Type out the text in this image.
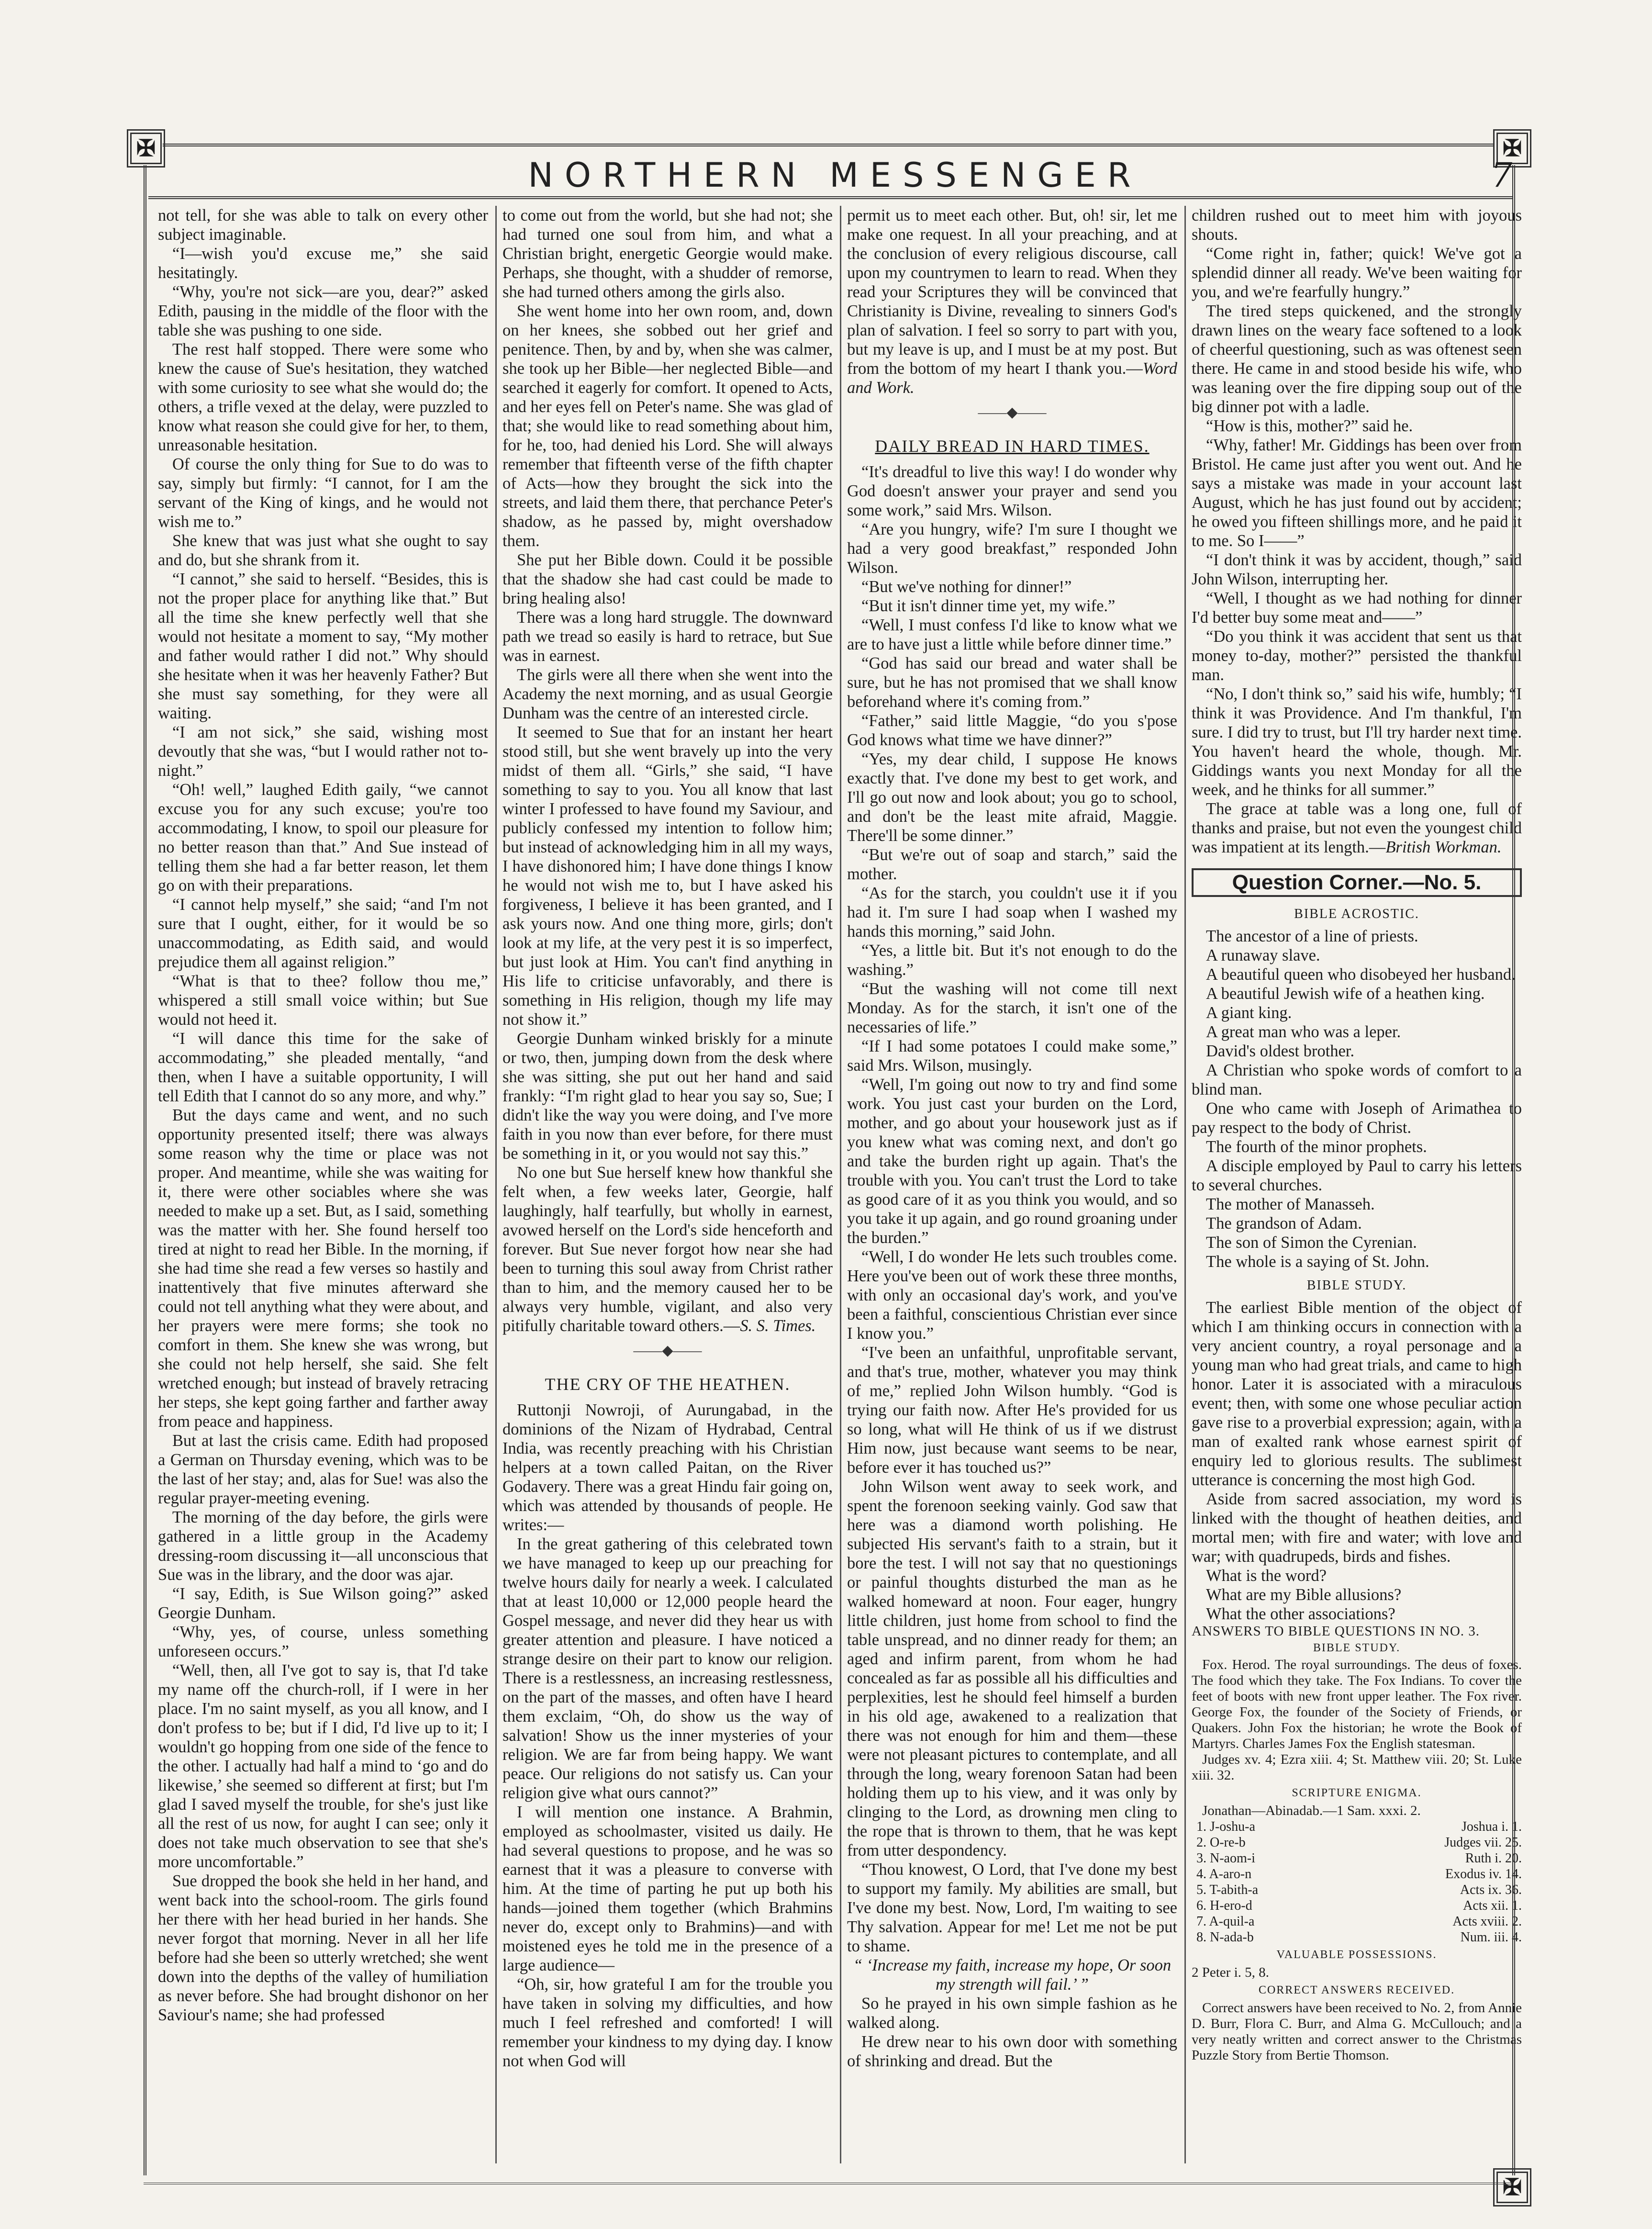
✠	✠
✠
NORTHERN MESSENGER	7

not tell, for she was able to talk on every other subject imaginable.

“I—wish you'd excuse me,” she said hesitatingly.

“Why, you're not sick—are you, dear?” asked Edith, pausing in the middle of the floor with the table she was pushing to one side.

The rest half stopped. There were some who knew the cause of Sue's hesitation, they watched with some curiosity to see what she would do; the others, a trifle vexed at the delay, were puzzled to know what reason she could give for her, to them, unreasonable hesitation.

Of course the only thing for Sue to do was to say, simply but firmly: “I cannot, for I am the servant of the King of kings, and he would not wish me to.”

She knew that was just what she ought to say and do, but she shrank from it.

“I cannot,” she said to herself. “Besides, this is not the proper place for anything like that.” But all the time she knew perfectly well that she would not hesitate a moment to say, “My mother and father would rather I did not.” Why should she hesitate when it was her heavenly Father? But she must say something, for they were all waiting.

“I am not sick,” she said, wishing most devoutly that she was, “but I would rather not to-night.”

“Oh! well,” laughed Edith gaily, “we cannot excuse you for any such excuse; you're too accommodating, I know, to spoil our pleasure for no better reason than that.” And Sue instead of telling them she had a far better reason, let them go on with their preparations.

“I cannot help myself,” she said; “and I'm not sure that I ought, either, for it would be so unaccommodating, as Edith said, and would prejudice them all against religion.”

“What is that to thee? follow thou me,” whispered a still small voice within; but Sue would not heed it.

“I will dance this time for the sake of accommodating,” she pleaded mentally, “and then, when I have a suitable opportunity, I will tell Edith that I cannot do so any more, and why.”

But the days came and went, and no such opportunity presented itself; there was always some reason why the time or place was not proper. And meantime, while she was waiting for it, there were other sociables where she was needed to make up a set. But, as I said, something was the matter with her. She found herself too tired at night to read her Bible. In the morning, if she had time she read a few verses so hastily and inattentively that five minutes afterward she could not tell anything what they were about, and her prayers were mere forms; she took no comfort in them. She knew she was wrong, but she could not help herself, she said. She felt wretched enough; but instead of bravely retracing her steps, she kept going farther and farther away from peace and happiness.

But at last the crisis came. Edith had proposed a German on Thursday evening, which was to be the last of her stay; and, alas for Sue! was also the regular prayer-meeting evening.

The morning of the day before, the girls were gathered in a little group in the Academy dressing-room discussing it—all unconscious that Sue was in the library, and the door was ajar.

“I say, Edith, is Sue Wilson going?” asked Georgie Dunham.

“Why, yes, of course, unless something unforeseen occurs.”

“Well, then, all I've got to say is, that I'd take my name off the church-roll, if I were in her place. I'm no saint myself, as you all know, and I don't profess to be; but if I did, I'd live up to it; I wouldn't go hopping from one side of the fence to the other. I actually had half a mind to ‘go and do likewise,’ she seemed so different at first; but I'm glad I saved myself the trouble, for she's just like all the rest of us now, for aught I can see; only it does not take much observation to see that she's more uncomfortable.”

Sue dropped the book she held in her hand, and went back into the school-room. The girls found her there with her head buried in her hands. She never forgot that morning. Never in all her life before had she been so utterly wretched; she went down into the depths of the valley of humiliation as never before. She had brought dishonor on her Saviour's name; she had professed

to come out from the world, but she had not; she had turned one soul from him, and what a Christian bright, energetic Georgie would make. Perhaps, she thought, with a shudder of remorse, she had turned others among the girls also.

She went home into her own room, and, down on her knees, she sobbed out her grief and penitence. Then, by and by, when she was calmer, she took up her Bible—her neglected Bible—and searched it eagerly for comfort. It opened to Acts, and her eyes fell on Peter's name. She was glad of that; she would like to read something about him, for he, too, had denied his Lord. She will always remember that fifteenth verse of the fifth chapter of Acts—how they brought the sick into the streets, and laid them there, that perchance Peter's shadow, as he passed by, might overshadow them.

She put her Bible down. Could it be possible that the shadow she had cast could be made to bring healing also!

There was a long hard struggle. The downward path we tread so easily is hard to retrace, but Sue was in earnest.

The girls were all there when she went into the Academy the next morning, and as usual Georgie Dunham was the centre of an interested circle.

It seemed to Sue that for an instant her heart stood still, but she went bravely up into the very midst of them all. “Girls,” she said, “I have something to say to you. You all know that last winter I professed to have found my Saviour, and publicly confessed my intention to follow him; but instead of acknowledging him in all my ways, I have dishonored him; I have done things I know he would not wish me to, but I have asked his forgiveness, I believe it has been granted, and I ask yours now. And one thing more, girls; don't look at my life, at the very pest it is so imperfect, but just look at Him. You can't find anything in His life to criticise unfavorably, and there is something in His religion, though my life may not show it.”

Georgie Dunham winked briskly for a minute or two, then, jumping down from the desk where she was sitting, she put out her hand and said frankly: “I'm right glad to hear you say so, Sue; I didn't like the way you were doing, and I've more faith in you now than ever before, for there must be something in it, or you would not say this.”

No one but Sue herself knew how thankful she felt when, a few weeks later, Georgie, half laughingly, half tearfully, but wholly in earnest, avowed herself on the Lord's side henceforth and forever. But Sue never forgot how near she had been to turning this soul away from Christ rather than to him, and the memory caused her to be always very humble, vigilant, and also very pitifully charitable toward others.—S. S. Times.

——◆——
THE CRY OF THE HEATHEN.

Ruttonji Nowroji, of Aurungabad, in the dominions of the Nizam of Hydrabad, Central India, was recently preaching with his Christian helpers at a town called Paitan, on the River Godavery. There was a great Hindu fair going on, which was attended by thousands of people. He writes:—

In the great gathering of this celebrated town we have managed to keep up our preaching for twelve hours daily for nearly a week. I calculated that at least 10,000 or 12,000 people heard the Gospel message, and never did they hear us with greater attention and pleasure. I have noticed a strange desire on their part to know our religion. There is a restlessness, an increasing restlessness, on the part of the masses, and often have I heard them exclaim, “Oh, do show us the way of salvation! Show us the inner mysteries of your religion. We are far from being happy. We want peace. Our religions do not satisfy us. Can your religion give what ours cannot?”

I will mention one instance. A Brahmin, employed as schoolmaster, visited us daily. He had several questions to propose, and he was so earnest that it was a pleasure to converse with him. At the time of parting he put up both his hands—joined them together (which Brahmins never do, except only to Brahmins)—and with moistened eyes he told me in the presence of a large audience—

“Oh, sir, how grateful I am for the trouble you have taken in solving my difficulties, and how much I feel refreshed and comforted! I will remember your kindness to my dying day. I know not when God will

permit us to meet each other. But, oh! sir, let me make one request. In all your preaching, and at the conclusion of every religious discourse, call upon my countrymen to learn to read. When they read your Scriptures they will be convinced that Christianity is Divine, revealing to sinners God's plan of salvation. I feel so sorry to part with you, but my leave is up, and I must be at my post. But from the bottom of my heart I thank you.—Word and Work.

——◆——
DAILY BREAD IN HARD TIMES.

“It's dreadful to live this way! I do wonder why God doesn't answer your prayer and send you some work,” said Mrs. Wilson.

“Are you hungry, wife? I'm sure I thought we had a very good breakfast,” responded John Wilson.

“But we've nothing for dinner!”

“But it isn't dinner time yet, my wife.”

“Well, I must confess I'd like to know what we are to have just a little while before dinner time.”

“God has said our bread and water shall be sure, but he has not promised that we shall know beforehand where it's coming from.”

“Father,” said little Maggie, “do you s'pose God knows what time we have dinner?”

“Yes, my dear child, I suppose He knows exactly that. I've done my best to get work, and I'll go out now and look about; you go to school, and don't be the least mite afraid, Maggie. There'll be some dinner.”

“But we're out of soap and starch,” said the mother.

“As for the starch, you couldn't use it if you had it. I'm sure I had soap when I washed my hands this morning,” said John.

“Yes, a little bit. But it's not enough to do the washing.”

“But the washing will not come till next Monday. As for the starch, it isn't one of the necessaries of life.”

“If I had some potatoes I could make some,” said Mrs. Wilson, musingly.

“Well, I'm going out now to try and find some work. You just cast your burden on the Lord, mother, and go about your housework just as if you knew what was coming next, and don't go and take the burden right up again. That's the trouble with you. You can't trust the Lord to take as good care of it as you think you would, and so you take it up again, and go round groaning under the burden.”

“Well, I do wonder He lets such troubles come. Here you've been out of work these three months, with only an occasional day's work, and you've been a faithful, conscientious Christian ever since I know you.”

“I've been an unfaithful, unprofitable servant, and that's true, mother, whatever you may think of me,” replied John Wilson humbly. “God is trying our faith now. After He's provided for us so long, what will He think of us if we distrust Him now, just because want seems to be near, before ever it has touched us?”

John Wilson went away to seek work, and spent the forenoon seeking vainly. God saw that here was a diamond worth polishing. He subjected His servant's faith to a strain, but it bore the test. I will not say that no questionings or painful thoughts disturbed the man as he walked homeward at noon. Four eager, hungry little children, just home from school to find the table unspread, and no dinner ready for them; an aged and infirm parent, from whom he had concealed as far as possible all his difficulties and perplexities, lest he should feel himself a burden in his old age, awakened to a realization that there was not enough for him and them—these were not pleasant pictures to contemplate, and all through the long, weary forenoon Satan had been holding them up to his view, and it was only by clinging to the Lord, as drowning men cling to the rope that is thrown to them, that he was kept from utter despondency.

“Thou knowest, O Lord, that I've done my best to support my family. My abilities are small, but I've done my best. Now, Lord, I'm waiting to see Thy salvation. Appear for me! Let me not be put to shame.

“ ‘Increase my faith, increase my hope, Or soon my strength will fail.’ ”

So he prayed in his own simple fashion as he walked along.

He drew near to his own door with something of shrinking and dread. But the

children rushed out to meet him with joyous shouts.

“Come right in, father; quick! We've got a splendid dinner all ready. We've been waiting for you, and we're fearfully hungry.”

The tired steps quickened, and the strongly drawn lines on the weary face softened to a look of cheerful questioning, such as was oftenest seen there. He came in and stood beside his wife, who was leaning over the fire dipping soup out of the big dinner pot with a ladle.

“How is this, mother?” said he.

“Why, father! Mr. Giddings has been over from Bristol. He came just after you went out. And he says a mistake was made in your account last August, which he has just found out by accident; he owed you fifteen shillings more, and he paid it to me. So I——”

“I don't think it was by accident, though,” said John Wilson, interrupting her.

“Well, I thought as we had nothing for dinner I'd better buy some meat and——”

“Do you think it was accident that sent us that money to-day, mother?” persisted the thankful man.

“No, I don't think so,” said his wife, humbly; “I think it was Providence. And I'm thankful, I'm sure. I did try to trust, but I'll try harder next time. You haven't heard the whole, though. Mr. Giddings wants you next Monday for all the week, and he thinks for all summer.”

The grace at table was a long one, full of thanks and praise, but not even the youngest child was impatient at its length.—British Workman.

Question Corner.—No. 5.
BIBLE ACROSTIC.

The ancestor of a line of priests.

A runaway slave.

A beautiful queen who disobeyed her husband.

A beautiful Jewish wife of a heathen king.

A giant king.

A great man who was a leper.

David's oldest brother.

A Christian who spoke words of comfort to a blind man.

One who came with Joseph of Arimathea to pay respect to the body of Christ.

The fourth of the minor prophets.

A disciple employed by Paul to carry his letters to several churches.

The mother of Manasseh.

The grandson of Adam.

The son of Simon the Cyrenian.

The whole is a saying of St. John.

BIBLE STUDY.

The earliest Bible mention of the object of which I am thinking occurs in connection with a very ancient country, a royal personage and a young man who had great trials, and came to high honor. Later it is associated with a miraculous event; then, with some one whose peculiar action gave rise to a proverbial expression; again, with a man of exalted rank whose earnest spirit of enquiry led to glorious results. The sublimest utterance is concerning the most high God.

Aside from sacred association, my word is linked with the thought of heathen deities, and mortal men; with fire and water; with love and war; with quadrupeds, birds and fishes.

What is the word?

What are my Bible allusions?

What the other associations?

ANSWERS TO BIBLE QUESTIONS IN NO. 3.

BIBLE STUDY.

Fox. Herod. The royal surroundings. The deus of foxes. The food which they take. The Fox Indians. To cover the feet of boots with new front upper leather. The Fox river. George Fox, the founder of the Society of Friends, or Quakers. John Fox the historian; he wrote the Book of Martyrs. Charles James Fox the English statesman.

Judges xv. 4; Ezra xiii. 4; St. Matthew viii. 20; St. Luke xiii. 32.

SCRIPTURE ENIGMA.

Jonathan—Abinadab.—1 Sam. xxxi. 2.

1. J-oshu-a	Joshua i. 1.
2. O-re-b	Judges vii. 25.
3. N-aom-i	Ruth i. 20.
4. A-aro-n	Exodus iv. 14.
5. T-abith-a	Acts ix. 36.
6. H-ero-d	Acts xii. 1.
7. A-quil-a	Acts xviii. 2.
8. N-ada-b	Num. iii. 4.
VALUABLE POSSESSIONS.

2 Peter i. 5, 8.

CORRECT ANSWERS RECEIVED.

Correct answers have been received to No. 2, from Annie D. Burr, Flora C. Burr, and Alma G. McCullouch; and a very neatly written and correct answer to the Christmas Puzzle Story from Bertie Thomson.
